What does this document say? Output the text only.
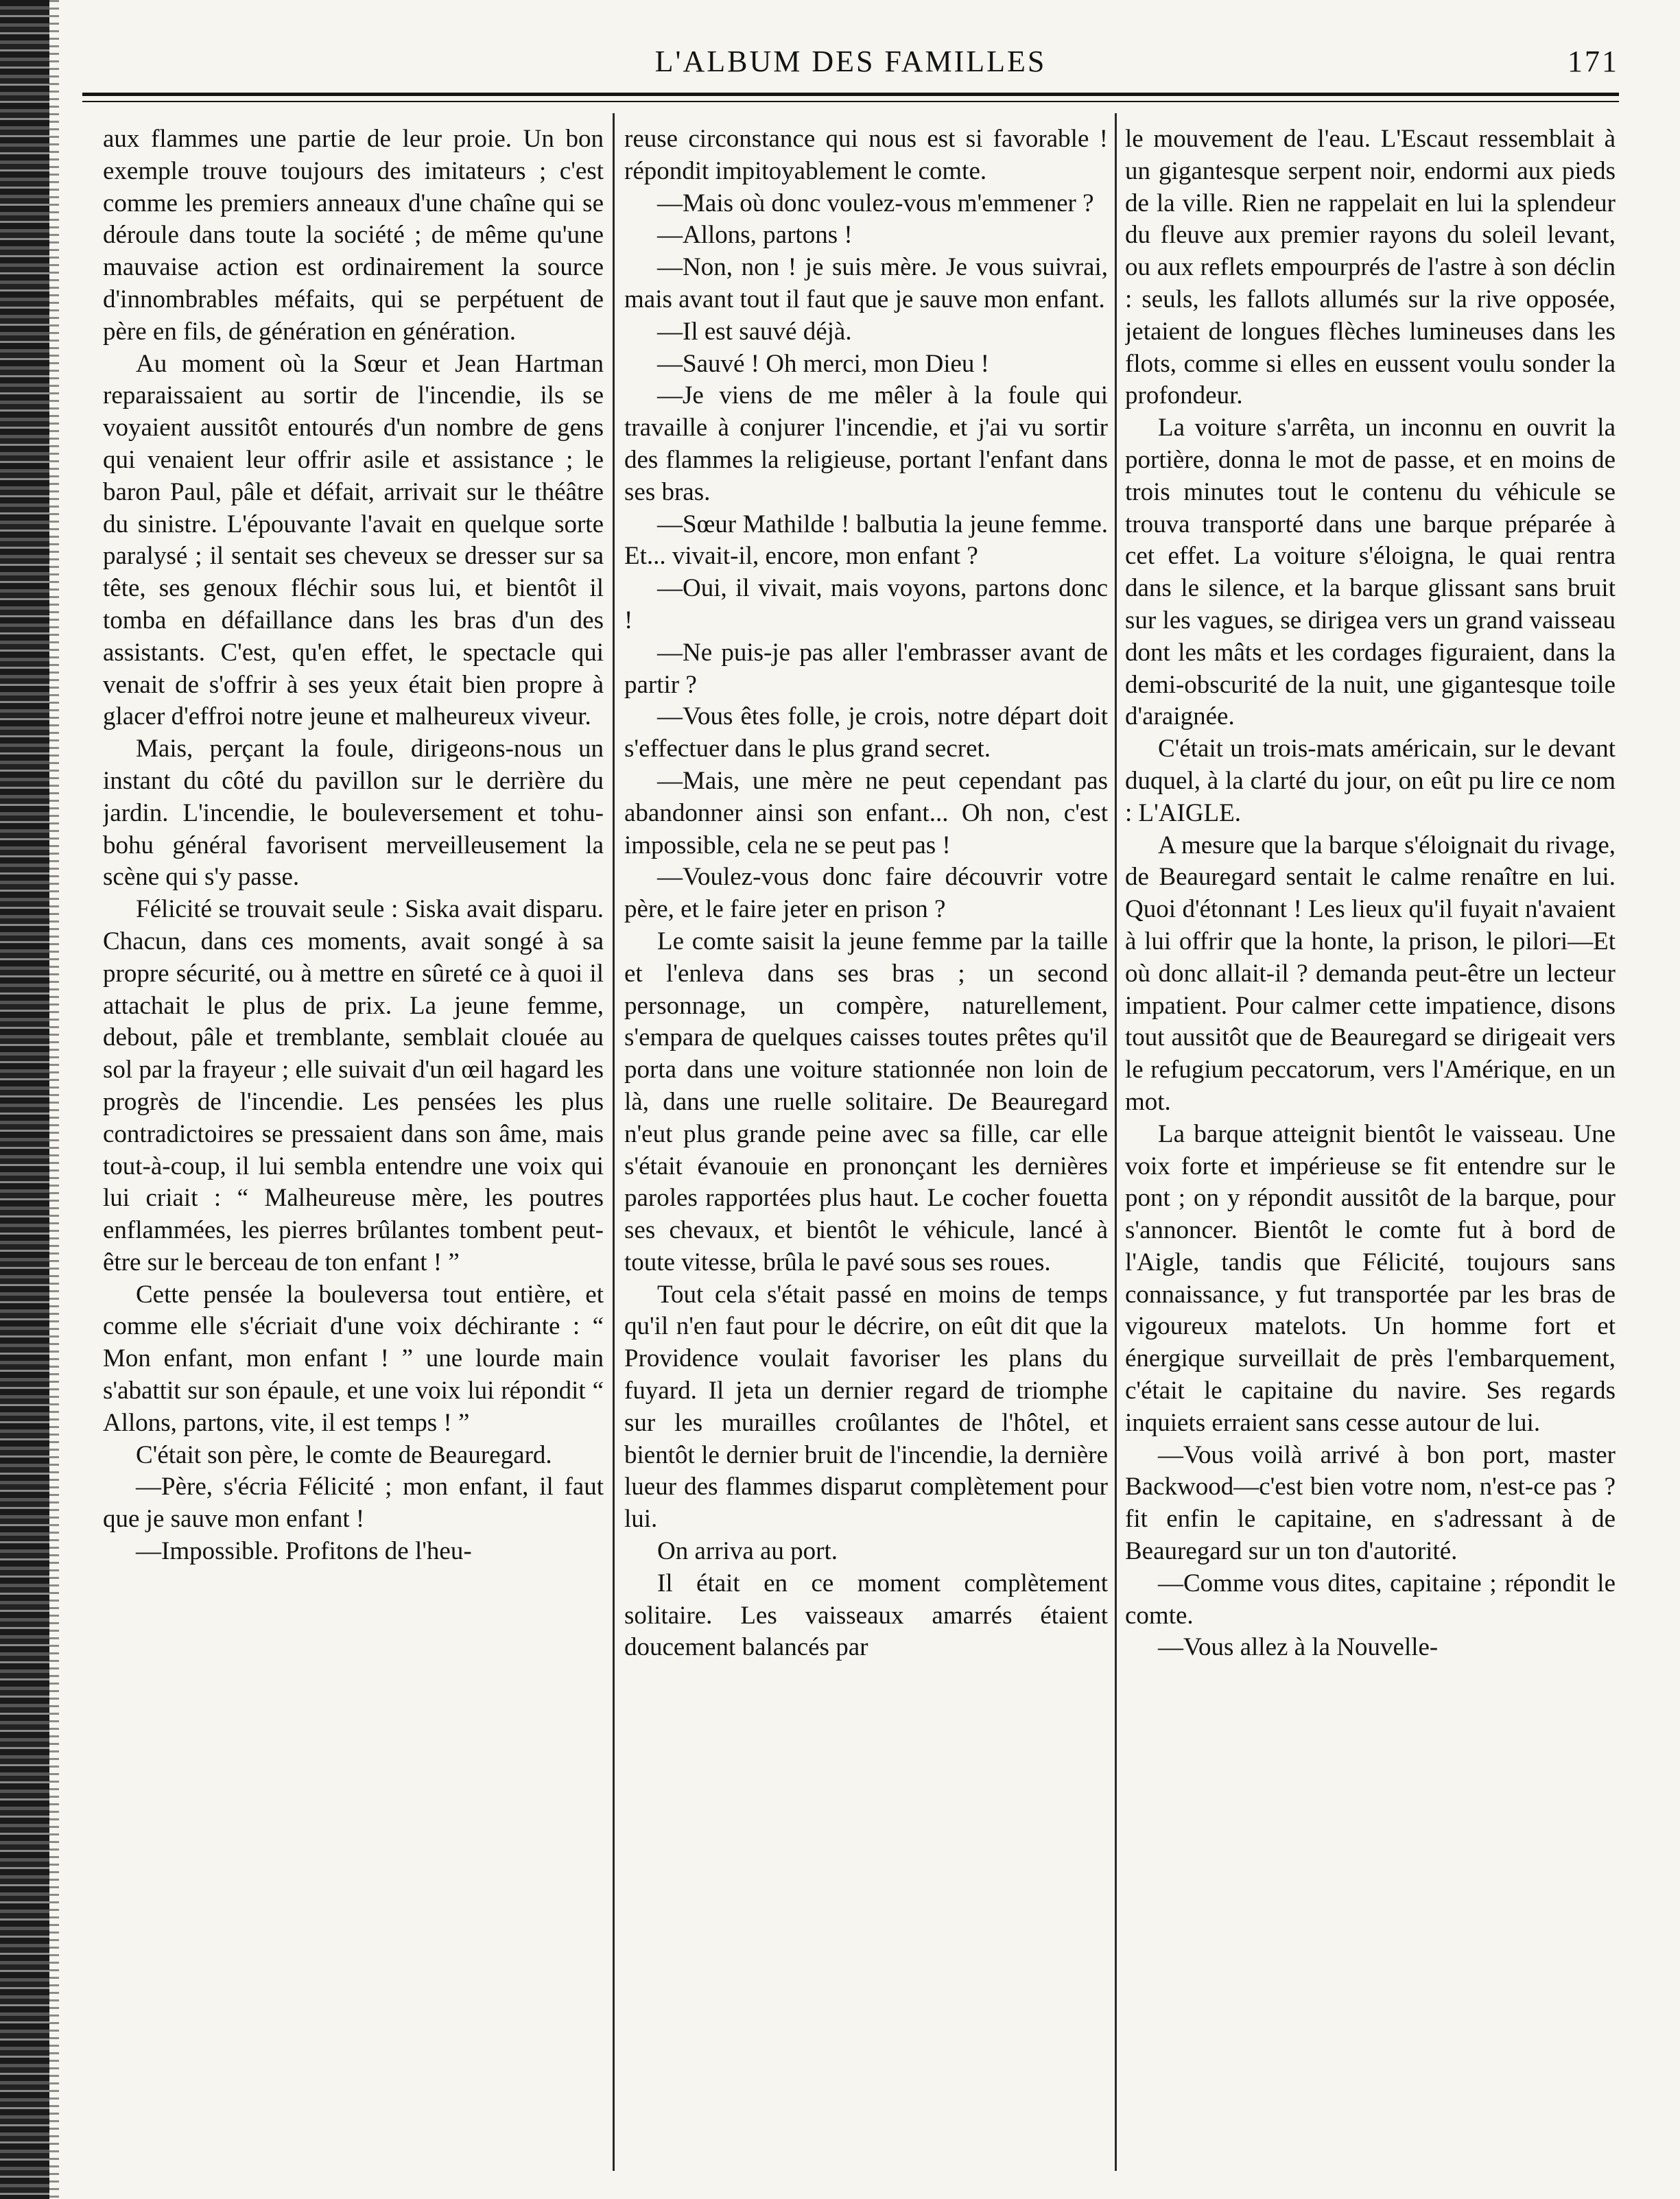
L'ALBUM DES FAMILLES	171

aux flammes une partie de leur proie. Un bon exemple trouve toujours des imitateurs ; c'est comme les premiers anneaux d'une chaîne qui se déroule dans toute la société ; de même qu'une mauvaise action est ordinairement la source d'innombrables méfaits, qui se perpétuent de père en fils, de génération en génération.

Au moment où la Sœur et Jean Hartman reparaissaient au sortir de l'incendie, ils se voyaient aussitôt entourés d'un nombre de gens qui venaient leur offrir asile et assistance ; le baron Paul, pâle et défait, arrivait sur le théâtre du sinistre. L'épouvante l'avait en quelque sorte paralysé ; il sentait ses cheveux se dresser sur sa tête, ses genoux fléchir sous lui, et bientôt il tomba en défaillance dans les bras d'un des assistants. C'est, qu'en effet, le spectacle qui venait de s'offrir à ses yeux était bien propre à glacer d'effroi notre jeune et malheureux viveur.

Mais, perçant la foule, dirigeons-nous un instant du côté du pavillon sur le derrière du jardin. L'incendie, le bouleversement et tohu-bohu général favorisent merveilleusement la scène qui s'y passe.

Félicité se trouvait seule : Siska avait disparu. Chacun, dans ces moments, avait songé à sa propre sécurité, ou à mettre en sûreté ce à quoi il attachait le plus de prix. La jeune femme, debout, pâle et tremblante, semblait clouée au sol par la frayeur ; elle suivait d'un œil hagard les progrès de l'incendie. Les pensées les plus contradictoires se pressaient dans son âme, mais tout-à-coup, il lui sembla entendre une voix qui lui criait : “ Malheureuse mère, les poutres enflammées, les pierres brûlantes tombent peut-être sur le berceau de ton enfant ! ”

Cette pensée la bouleversa tout entière, et comme elle s'écriait d'une voix déchirante : “ Mon enfant, mon enfant ! ” une lourde main s'abattit sur son épaule, et une voix lui répondit “ Allons, partons, vite, il est temps ! ”

C'était son père, le comte de Beauregard.

—Père, s'écria Félicité ; mon enfant, il faut que je sauve mon enfant !

—Impossible. Profitons de l'heu-

reuse circonstance qui nous est si favorable ! répondit impitoyablement le comte.

—Mais où donc voulez-vous m'emmener ?

—Allons, partons !

—Non, non ! je suis mère. Je vous suivrai, mais avant tout il faut que je sauve mon enfant.

—Il est sauvé déjà.

—Sauvé ! Oh merci, mon Dieu !

—Je viens de me mêler à la foule qui travaille à conjurer l'incendie, et j'ai vu sortir des flammes la religieuse, portant l'enfant dans ses bras.

—Sœur Mathilde ! balbutia la jeune femme. Et... vivait-il, encore, mon enfant ?

—Oui, il vivait, mais voyons, partons donc !

—Ne puis-je pas aller l'embrasser avant de partir ?

—Vous êtes folle, je crois, notre départ doit s'effectuer dans le plus grand secret.

—Mais, une mère ne peut cependant pas abandonner ainsi son enfant... Oh non, c'est impossible, cela ne se peut pas !

—Voulez-vous donc faire découvrir votre père, et le faire jeter en prison ?

Le comte saisit la jeune femme par la taille et l'enleva dans ses bras ; un second personnage, un compère, naturellement, s'empara de quelques caisses toutes prêtes qu'il porta dans une voiture stationnée non loin de là, dans une ruelle solitaire. De Beauregard n'eut plus grande peine avec sa fille, car elle s'était évanouie en prononçant les dernières paroles rapportées plus haut. Le cocher fouetta ses chevaux, et bientôt le véhicule, lancé à toute vitesse, brûla le pavé sous ses roues.

Tout cela s'était passé en moins de temps qu'il n'en faut pour le décrire, on eût dit que la Providence voulait favoriser les plans du fuyard. Il jeta un dernier regard de triomphe sur les murailles croûlantes de l'hôtel, et bientôt le dernier bruit de l'incendie, la dernière lueur des flammes disparut complètement pour lui.

On arriva au port.

Il était en ce moment complètement solitaire. Les vaisseaux amarrés étaient doucement balancés par

le mouvement de l'eau. L'Escaut ressemblait à un gigantesque serpent noir, endormi aux pieds de la ville. Rien ne rappelait en lui la splendeur du fleuve aux premier rayons du soleil levant, ou aux reflets empourprés de l'astre à son déclin : seuls, les fallots allumés sur la rive opposée, jetaient de longues flèches lumineuses dans les flots, comme si elles en eussent voulu sonder la profondeur.

La voiture s'arrêta, un inconnu en ouvrit la portière, donna le mot de passe, et en moins de trois minutes tout le contenu du véhicule se trouva transporté dans une barque préparée à cet effet. La voiture s'éloigna, le quai rentra dans le silence, et la barque glissant sans bruit sur les vagues, se dirigea vers un grand vaisseau dont les mâts et les cordages figuraient, dans la demi-obscurité de la nuit, une gigantesque toile d'araignée.

C'était un trois-mats américain, sur le devant duquel, à la clarté du jour, on eût pu lire ce nom : L'AIGLE.

A mesure que la barque s'éloignait du rivage, de Beauregard sentait le calme renaître en lui. Quoi d'étonnant ! Les lieux qu'il fuyait n'avaient à lui offrir que la honte, la prison, le pilori—Et où donc allait-il ? demanda peut-être un lecteur impatient. Pour calmer cette impatience, disons tout aussitôt que de Beauregard se dirigeait vers le refugium peccatorum, vers l'Amérique, en un mot.

La barque atteignit bientôt le vaisseau. Une voix forte et impérieuse se fit entendre sur le pont ; on y répondit aussitôt de la barque, pour s'annoncer. Bientôt le comte fut à bord de l'Aigle, tandis que Félicité, toujours sans connaissance, y fut transportée par les bras de vigoureux matelots. Un homme fort et énergique surveillait de près l'embarquement, c'était le capitaine du navire. Ses regards inquiets erraient sans cesse autour de lui.

—Vous voilà arrivé à bon port, master Backwood—c'est bien votre nom, n'est-ce pas ? fit enfin le capitaine, en s'adressant à de Beauregard sur un ton d'autorité.

—Comme vous dites, capitaine ; répondit le comte.

—Vous allez à la Nouvelle-
